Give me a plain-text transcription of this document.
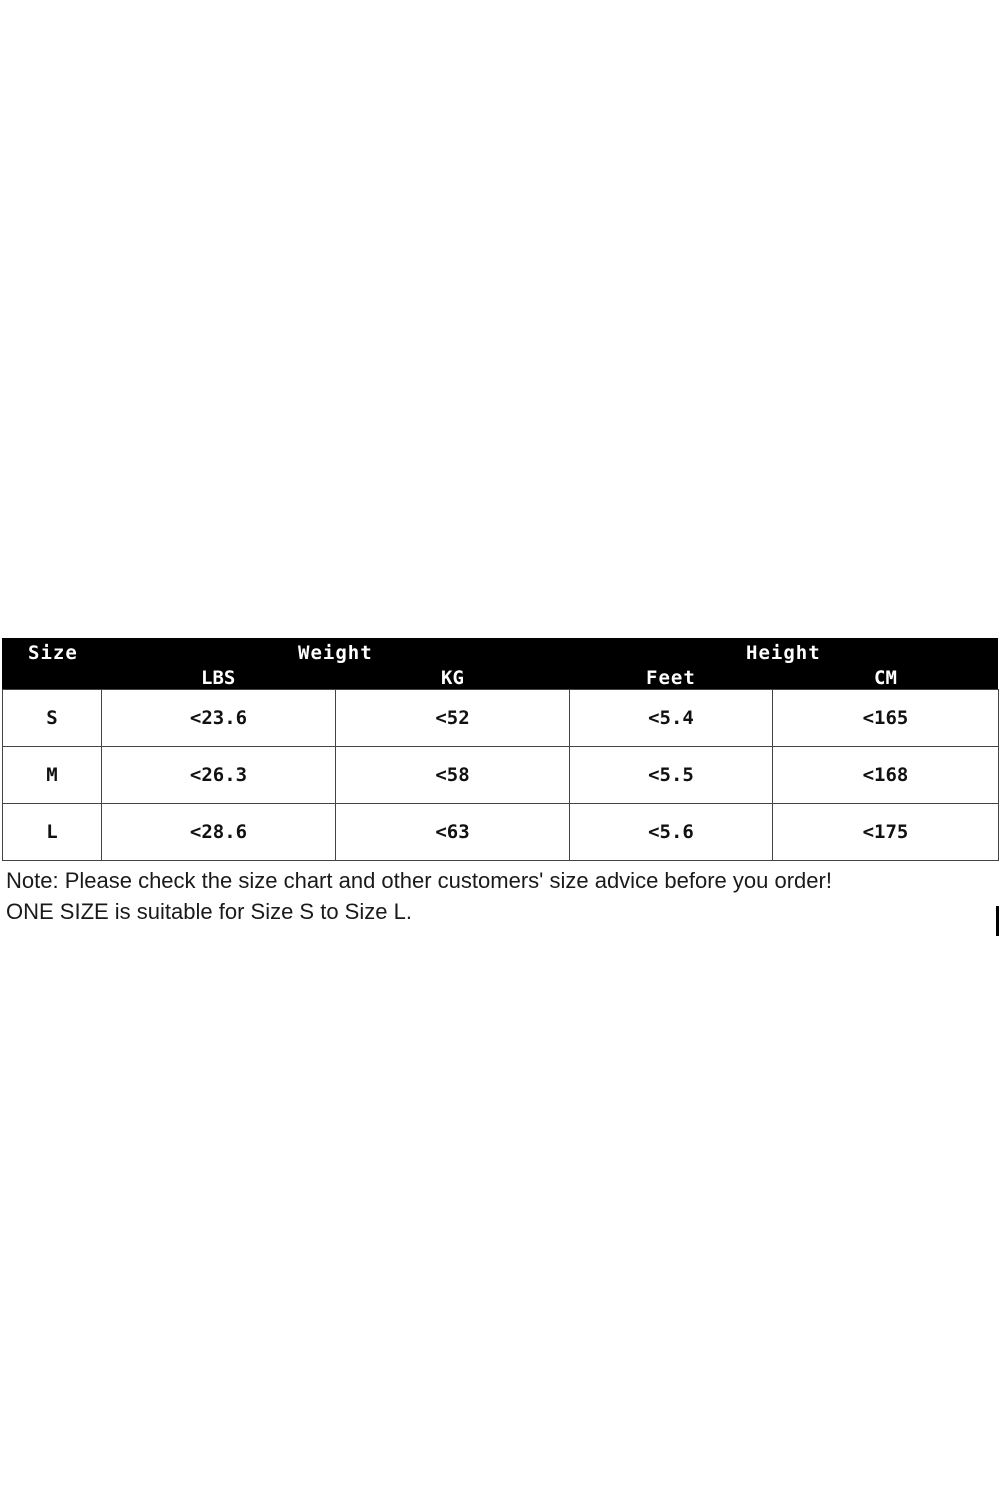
Size	Weight	Height
LBS	KG	Feet	CM
S	<23.6	<52	<5.4	<165
M	<26.3	<58	<5.5	<168
L	<28.6	<63	<5.6	<175
Note: Please check the size chart and other customers' size advice before you order!
ONE SIZE is suitable for Size S to Size L.
